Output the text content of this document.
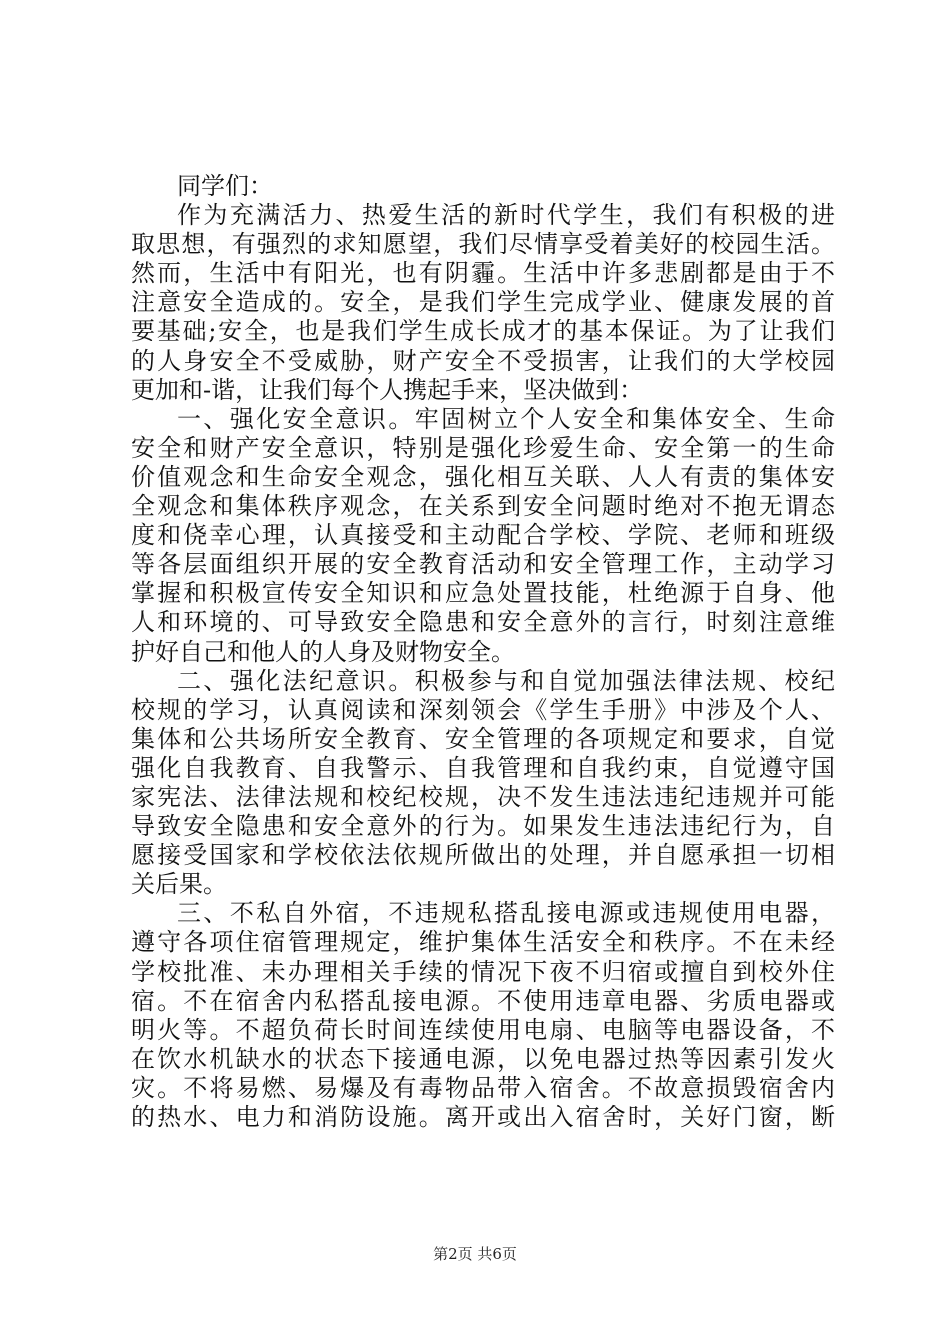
同学们：
作为充满活力、热爱生活的新时代学生，我们有积极的进
取思想，有强烈的求知愿望，我们尽情享受着美好的校园生活。
然而，生活中有阳光，也有阴霾。生活中许多悲剧都是由于不
注意安全造成的。安全，是我们学生完成学业、健康发展的首
要基础;安全，也是我们学生成长成才的基本保证。为了让我们
的人身安全不受威胁，财产安全不受损害，让我们的大学校园
更加和-谐，让我们每个人携起手来，坚决做到：
一、强化安全意识。牢固树立个人安全和集体安全、生命
安全和财产安全意识，特别是强化珍爱生命、安全第一的生命
价值观念和生命安全观念，强化相互关联、人人有责的集体安
全观念和集体秩序观念，在关系到安全问题时绝对不抱无谓态
度和侥幸心理，认真接受和主动配合学校、学院、老师和班级
等各层面组织开展的安全教育活动和安全管理工作，主动学习
掌握和积极宣传安全知识和应急处置技能，杜绝源于自身、他
人和环境的、可导致安全隐患和安全意外的言行，时刻注意维
护好自己和他人的人身及财物安全。
二、强化法纪意识。积极参与和自觉加强法律法规、校纪
校规的学习，认真阅读和深刻领会《学生手册》中涉及个人、
集体和公共场所安全教育、安全管理的各项规定和要求，自觉
强化自我教育、自我警示、自我管理和自我约束，自觉遵守国
家宪法、法律法规和校纪校规，决不发生违法违纪违规并可能
导致安全隐患和安全意外的行为。如果发生违法违纪行为，自
愿接受国家和学校依法依规所做出的处理，并自愿承担一切相
关后果。
三、不私自外宿，不违规私搭乱接电源或违规使用电器，
遵守各项住宿管理规定，维护集体生活安全和秩序。不在未经
学校批准、未办理相关手续的情况下夜不归宿或擅自到校外住
宿。不在宿舍内私搭乱接电源。不使用违章电器、劣质电器或
明火等。不超负荷长时间连续使用电扇、电脑等电器设备，不
在饮水机缺水的状态下接通电源，以免电器过热等因素引发火
灾。不将易燃、易爆及有毒物品带入宿舍。不故意损毁宿舍内
的热水、电力和消防设施。离开或出入宿舍时，关好门窗，断
第2页 共6页
